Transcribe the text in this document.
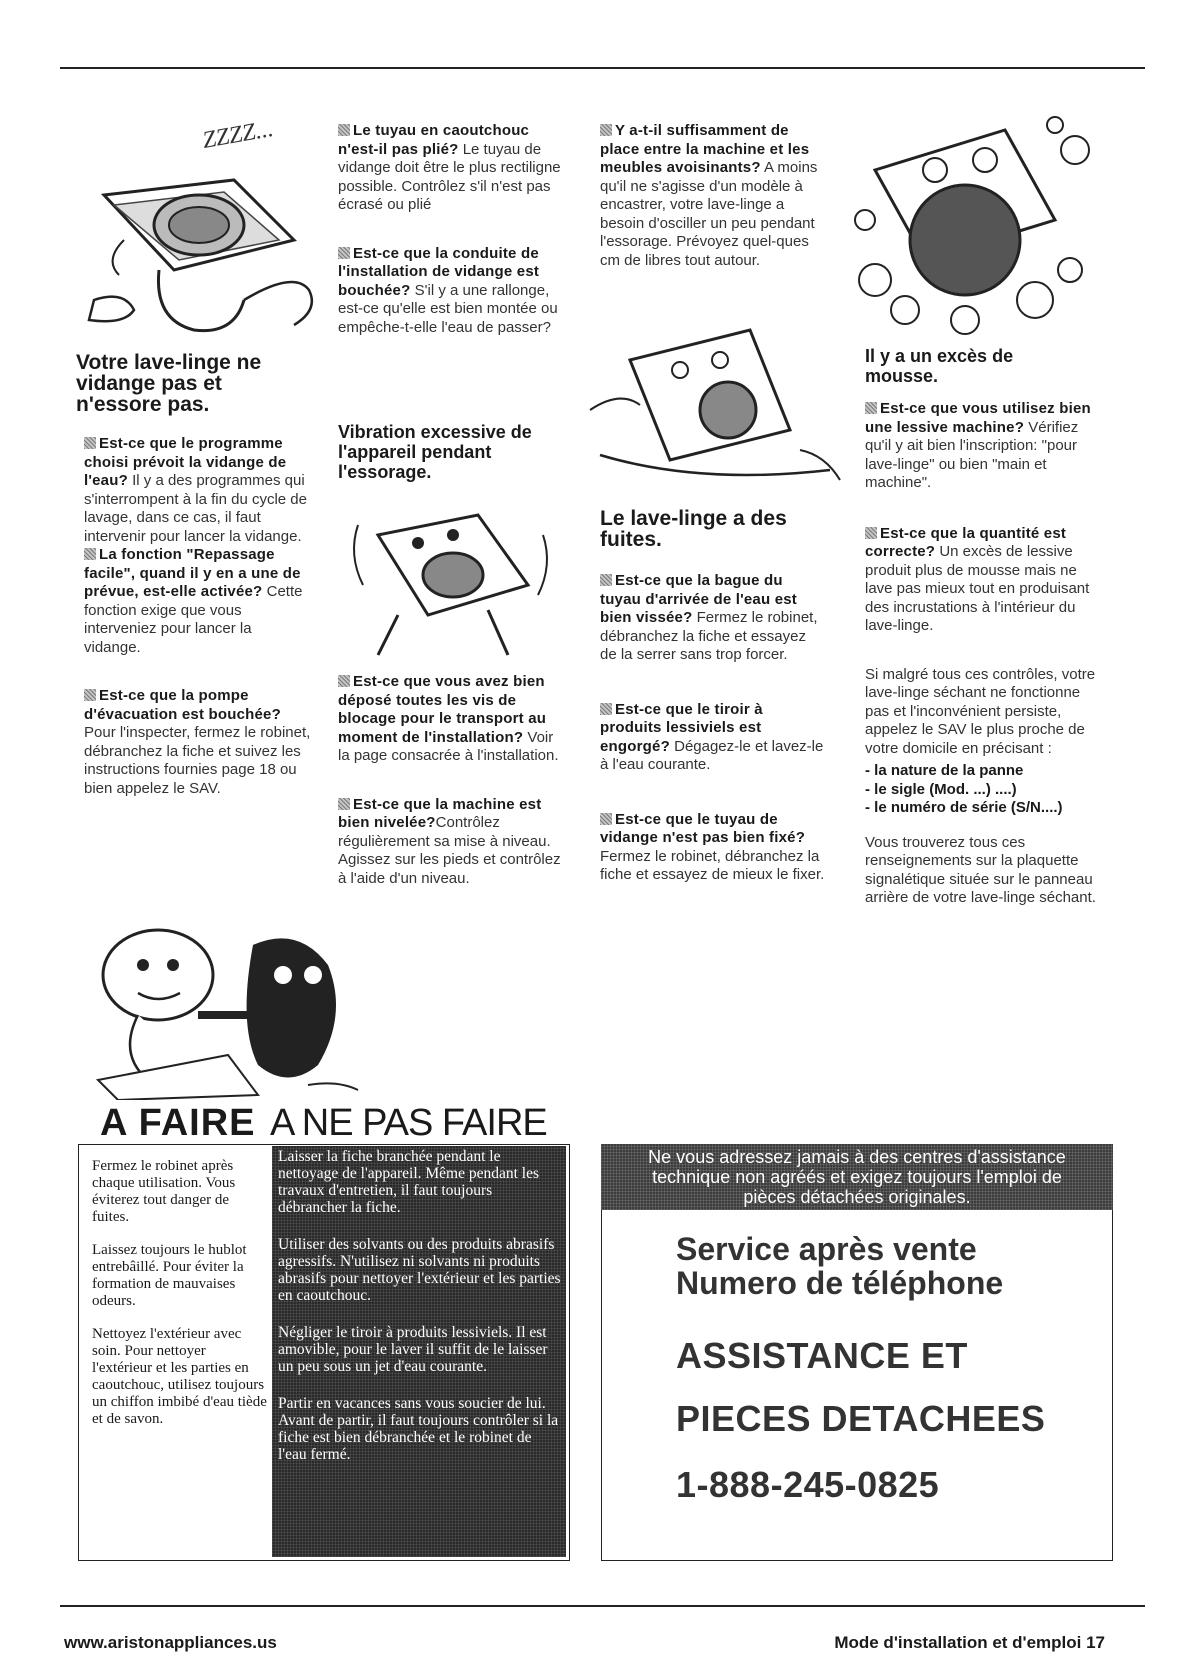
ZZZZ...
Votre lave-linge ne
vidange pas et
n'essore pas.

Est-ce que le programme choisi prévoit la vidange de l'eau? Il y a des programmes qui s'interrompent à la fin du cycle de lavage, dans ce cas, il faut intervenir pour lancer la vidange.

La fonction "Repassage facile", quand il y en a une de prévue, est-elle activée? Cette fonction exige que vous interveniez pour lancer la vidange.

Est-ce que la pompe d'évacuation est bouchée?Pour l'inspecter, fermez le robinet, débranchez la fiche et suivez les instructions fournies page 18 ou bien appelez le SAV.

Le tuyau en caoutchouc n'est-il pas plié? Le tuyau de vidange doit être le plus rectiligne possible. Contrôlez s'il n'est pas écrasé ou plié

Est-ce que la conduite de l'installation de vidange est bouchée? S'il y a une rallonge, est-ce qu'elle est bien montée ou empêche-t-elle l'eau de passer?

Vibration excessive de
l'appareil pendant
l'essorage.

Est-ce que vous avez bien déposé toutes les vis de blocage pour le transport au moment de l'installation? Voir la page consacrée à l'installation.

Est-ce que la machine est bien nivelée?Contrôlez régulièrement sa mise à niveau. Agissez sur les pieds et contrôlez à l'aide d'un niveau.

Y a-t-il suffisamment de place entre la machine et les meubles avoisinants? A moins qu'il ne s'agisse d'un modèle à encastrer, votre lave-linge a besoin d'osciller un peu pendant l'essorage. Prévoyez quel-ques cm de libres tout autour.

Le lave-linge a des
fuites.

Est-ce que la bague du tuyau d'arrivée de l'eau est bien vissée? Fermez le robinet, débranchez la fiche et essayez de la serrer sans trop forcer.

Est-ce que le tiroir à produits lessiviels est engorgé? Dégagez-le et lavez-le à l'eau courante.

Est-ce que le tuyau de vidange n'est pas bien fixé? Fermez le robinet, débranchez la fiche et essayez de mieux le fixer.

Il y a un excès de
mousse.

Est-ce que vous utilisez bien une lessive machine? Vérifiez qu'il y ait bien l'inscription: "pour lave-linge" ou bien "main et machine".

Est-ce que la quantité est correcte? Un excès de lessive produit plus de mousse mais ne lave pas mieux tout en produisant des incrustations à l'intérieur du lave-linge.

Si malgré tous ces contrôles, votre lave-linge séchant ne fonctionne pas et l'inconvénient persiste, appelez le SAV le plus proche de votre domicile en précisant :

- la nature de la panne
- le sigle (Mod. ...) ....)
- le numéro de série (S/N....)

Vous trouverez tous ces renseignements sur la plaquette signalétique située sur le panneau arrière de votre lave-linge séchant.

A FAIRE A NE PAS FAIRE

Fermez le robinet après chaque utilisation. Vous éviterez tout danger de fuites.

Laissez toujours le hublot entrebâillé. Pour éviter la formation de mauvaises odeurs.

Nettoyez l'extérieur avec soin. Pour nettoyer l'extérieur et les parties en caoutchouc, utilisez toujours un chiffon imbibé d'eau tiède et de savon.

Laisser la fiche branchée pendant le nettoyage de l'appareil. Même pendant les travaux d'entretien, il faut toujours débrancher la fiche.

Utiliser des solvants ou des produits abrasifs agressifs. N'utilisez ni solvants ni produits abrasifs pour nettoyer l'extérieur et les parties en caoutchouc.

Négliger le tiroir à produits lessiviels. Il est amovible, pour le laver il suffit de le laisser un peu sous un jet d'eau courante.

Partir en vacances sans vous soucier de lui. Avant de partir, il faut toujours contrôler si la fiche est bien débranchée et le robinet de l'eau fermé.

Ne vous adressez jamais à des centres d'assistance
technique non agréés et exigez toujours l'emploi de
pièces détachées originales.
Service après vente
Numero de téléphone
ASSISTANCE ET
PIECES DETACHEES
1-888-245-0825
www.aristonappliances.us	Mode d'installation et d'emploi 17
